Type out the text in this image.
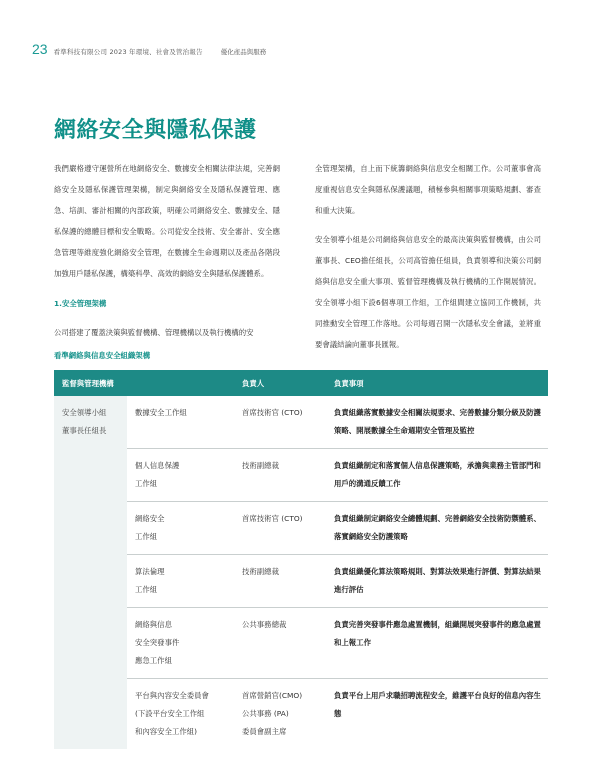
23 看準科技有限公司 2023 年環境、社會及管治報告	優化產品與服務
網絡安全與隱私保護

我們嚴格遵守運營所在地網絡安全、數據安全相關法律法規，完善網絡安全及隱私保護管理架構，制定與網絡安全及隱私保護管理、應急、培訓、審計相關的內部政策，明確公司網絡安全、數據安全、隱私保護的總體目標和安全戰略。公司從安全技術、安全審計、安全應急管理等維度強化網絡安全管理，在數據全生命週期以及產品各階段加強用戶隱私保護，構築科學、高效的網絡安全與隱私保護體系。

1.安全管理架構

公司搭建了覆蓋決策與監督機構、管理機構以及執行機構的安

全管理架構，自上而下統籌網絡與信息安全相關工作。公司董事會高度重視信息安全與隱私保護議題，積極參與相關事項策略規劃、審查和重大決策。

安全領導小組是公司網絡與信息安全的最高決策與監督機構，由公司董事長、CEO擔任組長，公司高管擔任組員，負責領導和決策公司網絡與信息安全重大事項、監督管理機構及執行機構的工作開展情況。安全領導小組下設6個專項工作組，工作組間建立協同工作機制，共同推動安全管理工作落地。公司每週召開一次隱私安全會議，並將重要會議結論向董事長匯報。

看準網絡與信息安全組織架構
監督與管理機構		負責人	負責事項

安全領導小組
董事長任組長	數據安全工作組	首席技術官 (CTO)	負責組織落實數據安全相關法規要求、完善數據分類分級及防護策略、開展數據全生命週期安全管理及監控

	個人信息保護
工作組	技術副總裁	負責組織制定和落實個人信息保護策略，承擔與業務主管部門和用戶的溝通反饋工作

	網絡安全
工作組	首席技術官 (CTO)	負責組織制定網絡安全總體規劃、完善網絡安全技術防禦體系、落實網絡安全防護策略

	算法倫理
工作組	技術副總裁	負責組織優化算法策略規則、對算法效果進行評價、對算法結果進行評估

	網絡與信息
安全突發事件
應急工作組	公共事務總裁	負責完善突發事件應急處置機制，組織開展突發事件的應急處置和上報工作

	平台與內容安全委員會
(下設平台安全工作組
和內容安全工作組)	首席營銷官(CMO)
公共事務 (PA)
委員會副主席	負責平台上用戶求職招聘流程安全，維護平台良好的信息內容生態
